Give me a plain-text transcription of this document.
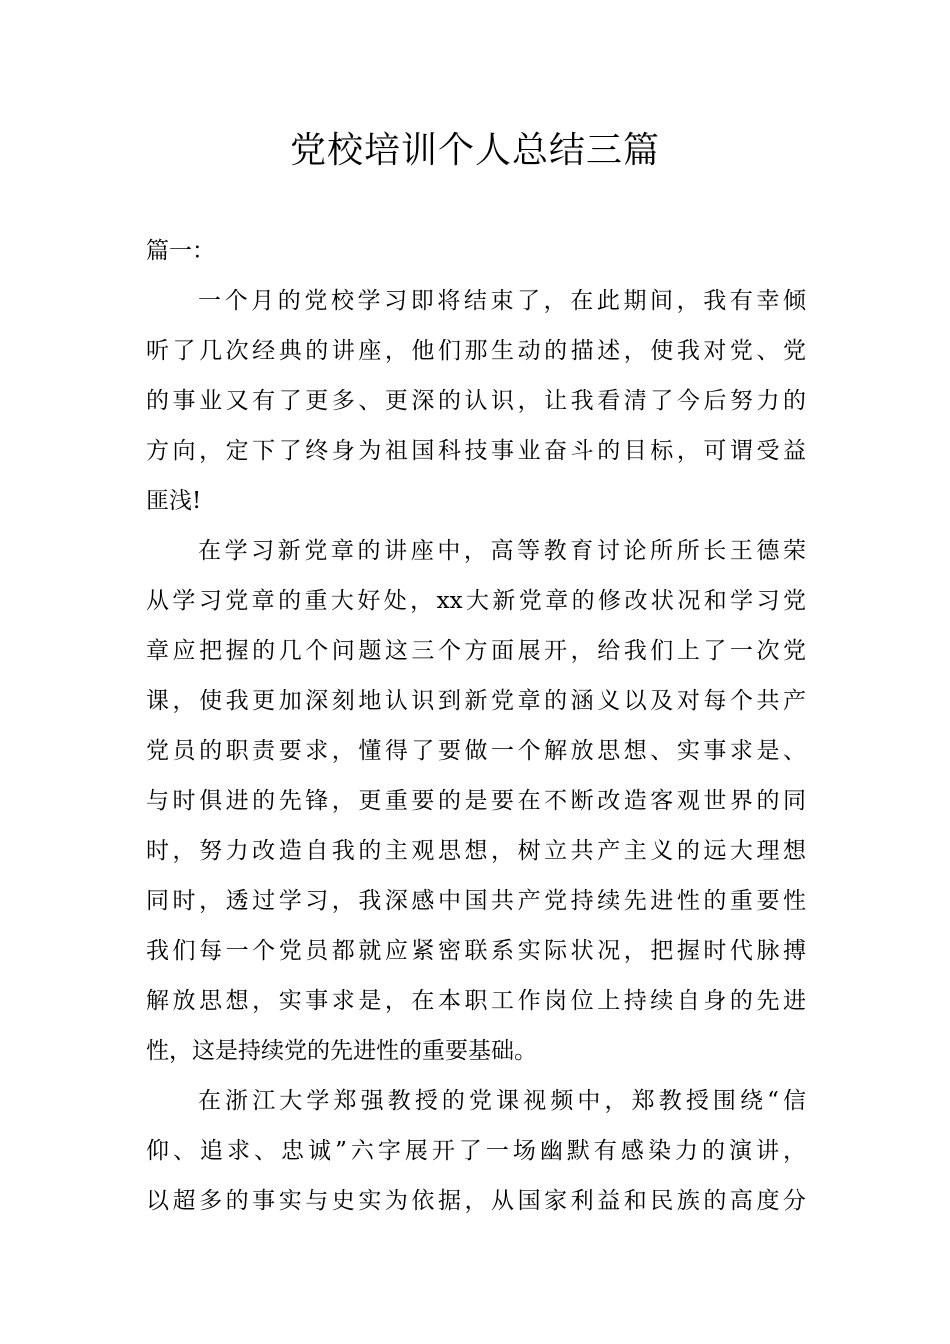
党校培训个人总结三篇
篇一：
一个月的党校学习即将结束了，在此期间，我有幸倾
听了几次经典的讲座，他们那生动的描述，使我对党、党
的事业又有了更多、更深的认识，让我看清了今后努力的
方向，定下了终身为祖国科技事业奋斗的目标，可谓受益
匪浅!
在学习新党章的讲座中，高等教育讨论所所长王德荣
从学习党章的重大好处，xx大新党章的修改状况和学习党
章应把握的几个问题这三个方面展开，给我们上了一次党
课，使我更加深刻地认识到新党章的涵义以及对每个共产
党员的职责要求，懂得了要做一个解放思想、实事求是、
与时俱进的先锋，更重要的是要在不断改造客观世界的同
时，努力改造自我的主观思想，树立共产主义的远大理想
同时，透过学习，我深感中国共产党持续先进性的重要性
我们每一个党员都就应紧密联系实际状况，把握时代脉搏
解放思想，实事求是，在本职工作岗位上持续自身的先进
性，这是持续党的先进性的重要基础。
在浙江大学郑强教授的党课视频中，郑教授围绕“信
仰、追求、忠诚”六字展开了一场幽默有感染力的演讲，
以超多的事实与史实为依据，从国家利益和民族的高度分
